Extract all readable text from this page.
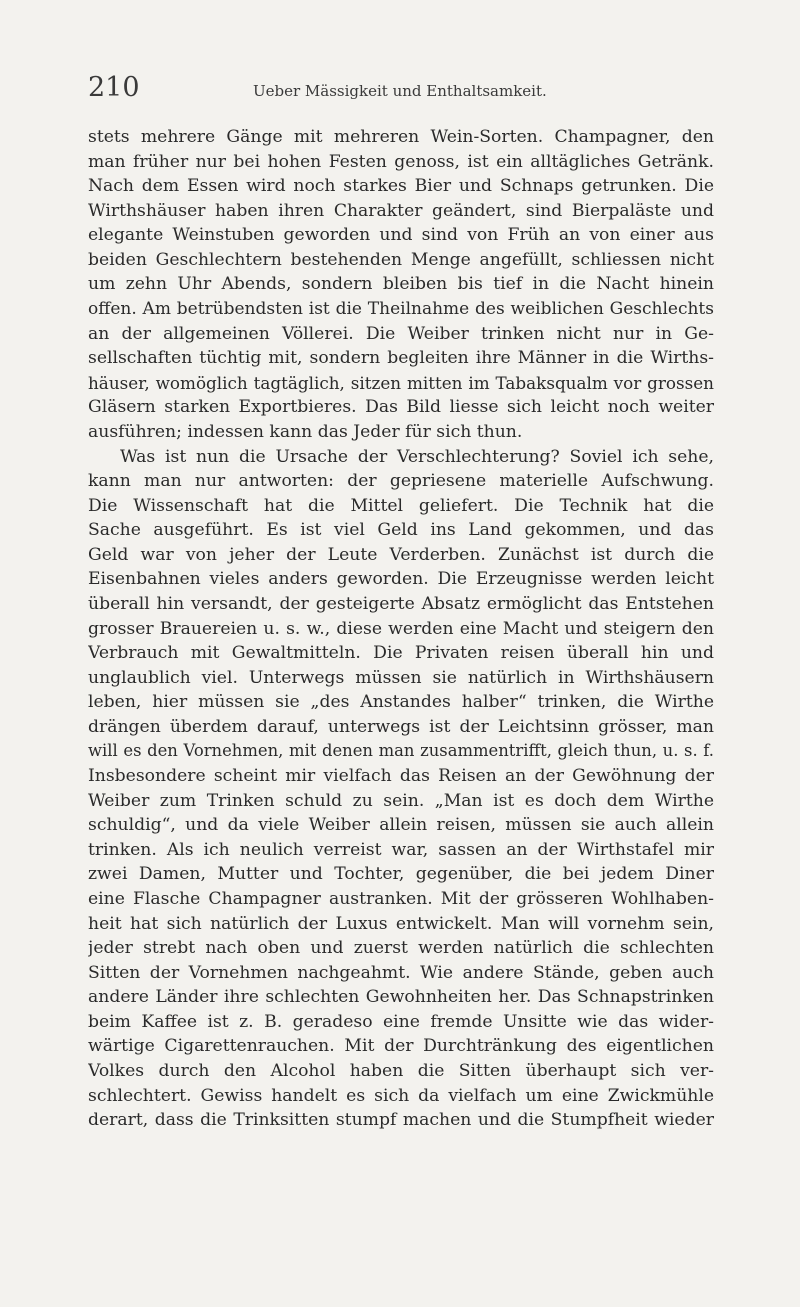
210	Ueber Mässigkeit und Enthaltsamkeit.
stets mehrere Gänge mit mehreren Wein-Sorten. Champagner, den
man früher nur bei hohen Festen genoss, ist ein alltägliches Getränk.
Nach dem Essen wird noch starkes Bier und Schnaps getrunken. Die
Wirthshäuser haben ihren Charakter geändert, sind Bierpaläste und
elegante Weinstuben geworden und sind von Früh an von einer aus
beiden Geschlechtern bestehenden Menge angefüllt, schliessen nicht
um zehn Uhr Abends, sondern bleiben bis tief in die Nacht hinein
offen. Am betrübendsten ist die Theilnahme des weiblichen Geschlechts
an der allgemeinen Völlerei. Die Weiber trinken nicht nur in Ge-
sellschaften tüchtig mit, sondern begleiten ihre Männer in die Wirths-
häuser, womöglich tagtäglich, sitzen mitten im Tabaksqualm vor grossen
Gläsern starken Exportbieres. Das Bild liesse sich leicht noch weiter
ausführen; indessen kann das Jeder für sich thun.
Was ist nun die Ursache der Verschlechterung? Soviel ich sehe,
kann man nur antworten: der gepriesene materielle Aufschwung.
Die Wissenschaft hat die Mittel geliefert. Die Technik hat die
Sache ausgeführt. Es ist viel Geld ins Land gekommen, und das
Geld war von jeher der Leute Verderben. Zunächst ist durch die
Eisenbahnen vieles anders geworden. Die Erzeugnisse werden leicht
überall hin versandt, der gesteigerte Absatz ermöglicht das Entstehen
grosser Brauereien u. s. w., diese werden eine Macht und steigern den
Verbrauch mit Gewaltmitteln. Die Privaten reisen überall hin und
unglaublich viel. Unterwegs müssen sie natürlich in Wirthshäusern
leben, hier müssen sie „des Anstandes halber“ trinken, die Wirthe
drängen überdem darauf, unterwegs ist der Leichtsinn grösser, man
will es den Vornehmen, mit denen man zusammentrifft, gleich thun, u. s. f.
Insbesondere scheint mir vielfach das Reisen an der Gewöhnung der
Weiber zum Trinken schuld zu sein. „Man ist es doch dem Wirthe
schuldig“, und da viele Weiber allein reisen, müssen sie auch allein
trinken. Als ich neulich verreist war, sassen an der Wirthstafel mir
zwei Damen, Mutter und Tochter, gegenüber, die bei jedem Diner
eine Flasche Champagner austranken. Mit der grösseren Wohlhaben-
heit hat sich natürlich der Luxus entwickelt. Man will vornehm sein,
jeder strebt nach oben und zuerst werden natürlich die schlechten
Sitten der Vornehmen nachgeahmt. Wie andere Stände, geben auch
andere Länder ihre schlechten Gewohnheiten her. Das Schnapstrinken
beim Kaffee ist z. B. geradeso eine fremde Unsitte wie das wider-
wärtige Cigarettenrauchen. Mit der Durchtränkung des eigentlichen
Volkes durch den Alcohol haben die Sitten überhaupt sich ver-
schlechtert. Gewiss handelt es sich da vielfach um eine Zwickmühle
derart, dass die Trinksitten stumpf machen und die Stumpfheit wieder
